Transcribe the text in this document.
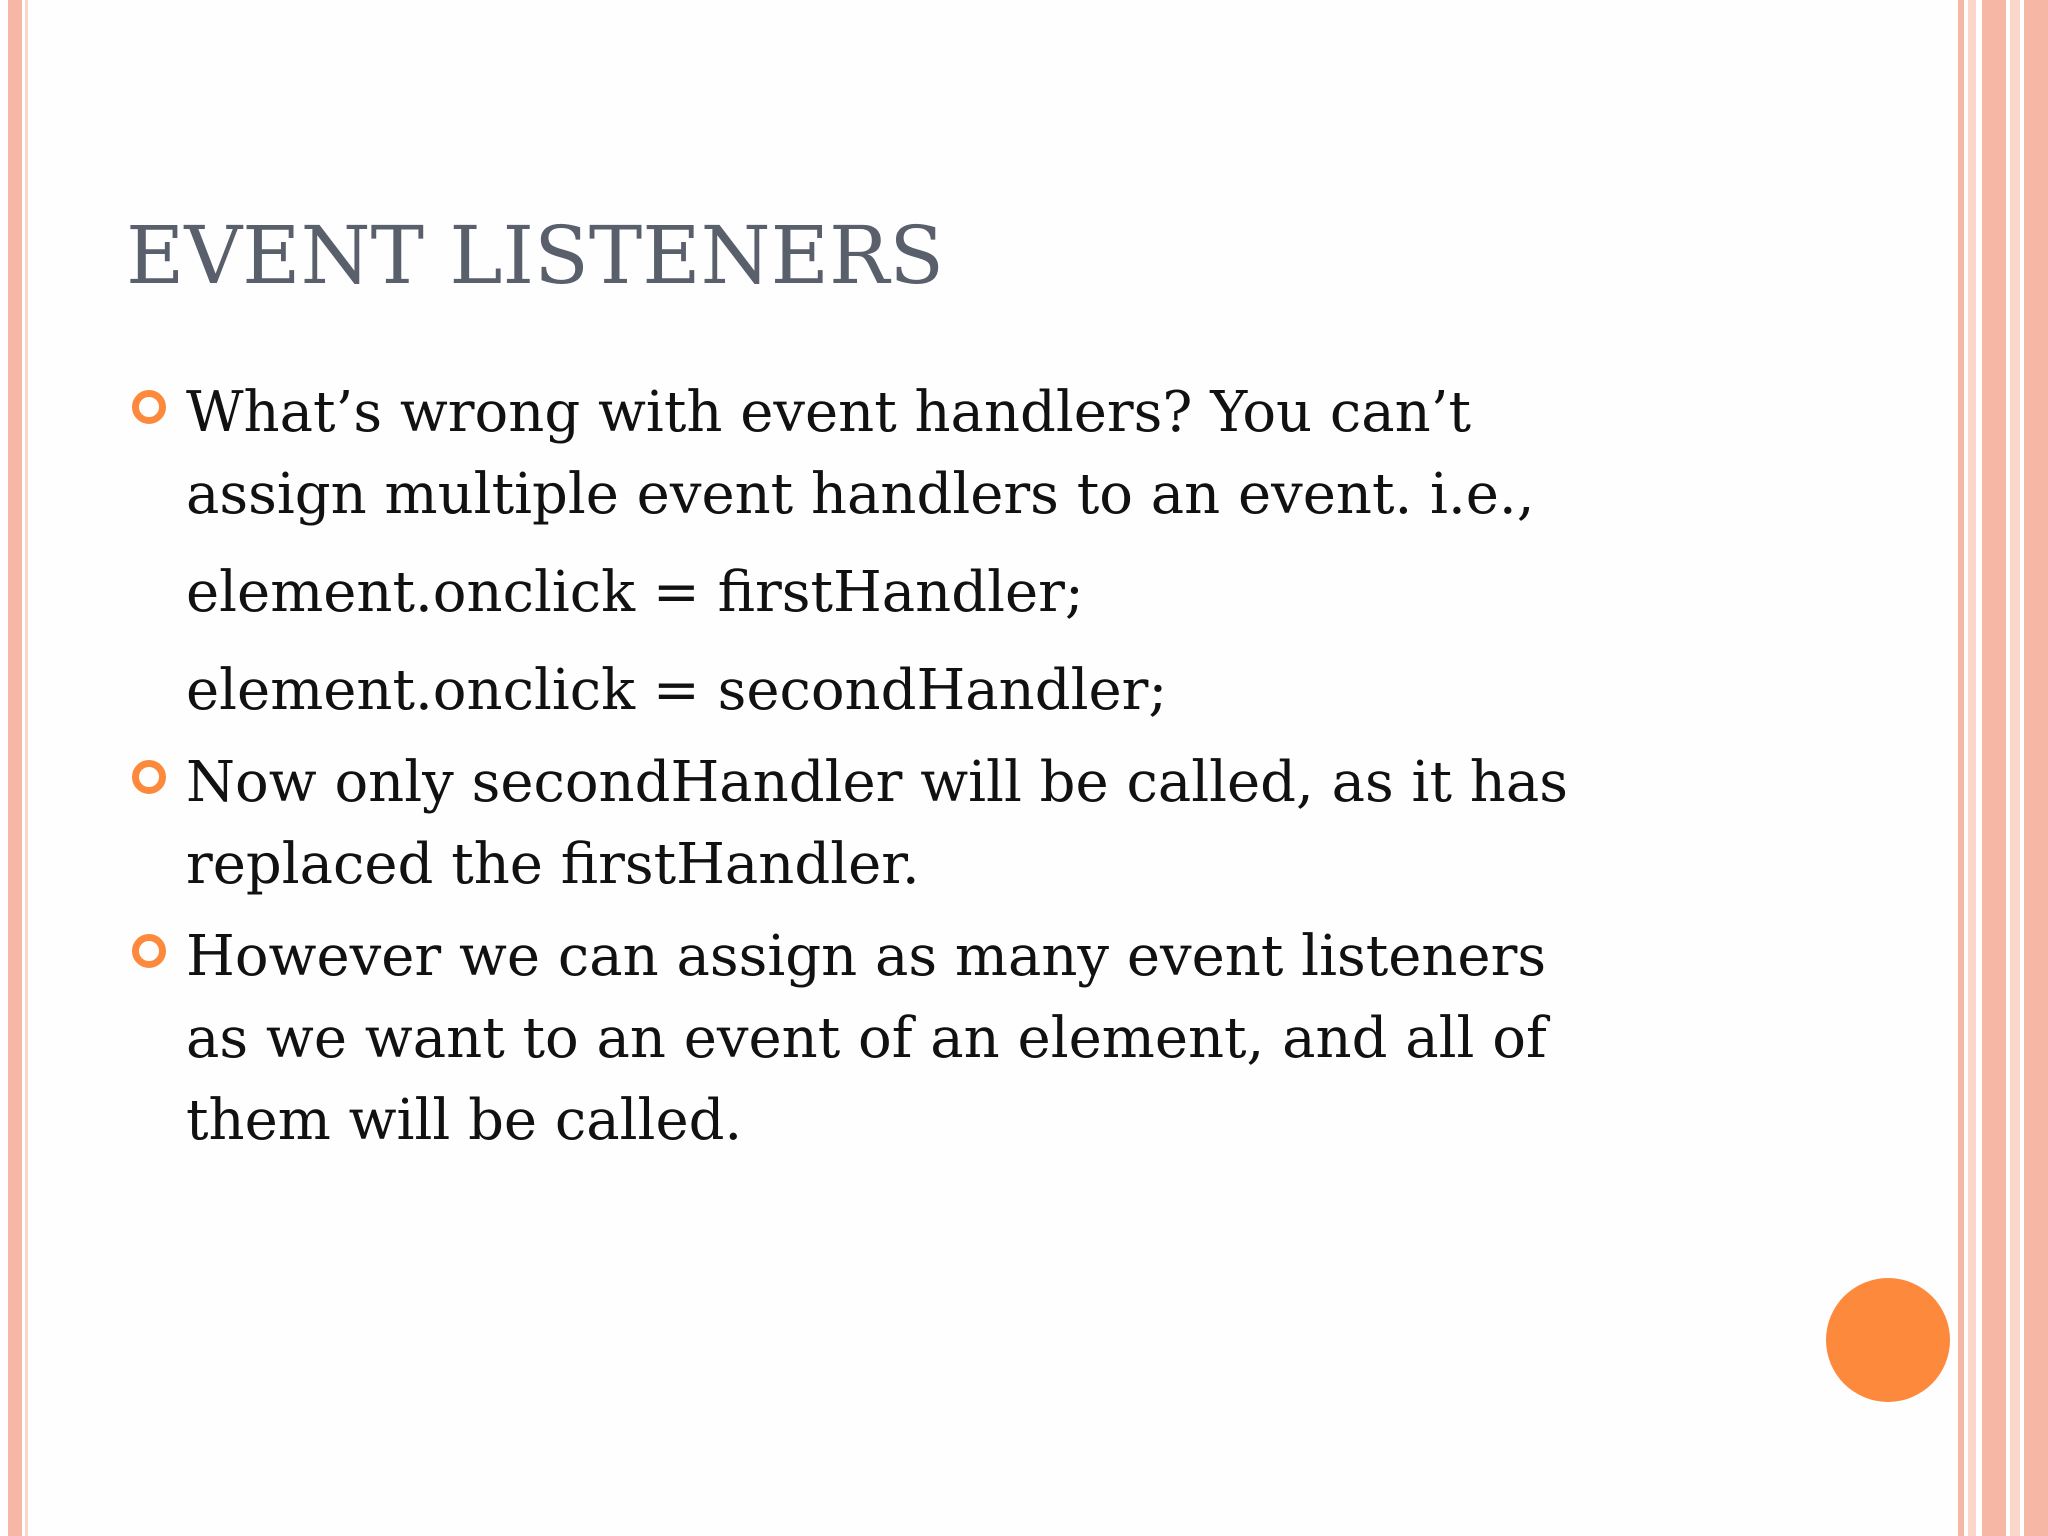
EVENT LISTENERS
What’s wrong with event handlers? You can’t
assign multiple event handlers to an event. i.e.,
element.onclick = firstHandler;
element.onclick = secondHandler;
Now only secondHandler will be called, as it has
replaced the firstHandler.
However we can assign as many event listeners
as we want to an event of an element, and all of
them will be called.
